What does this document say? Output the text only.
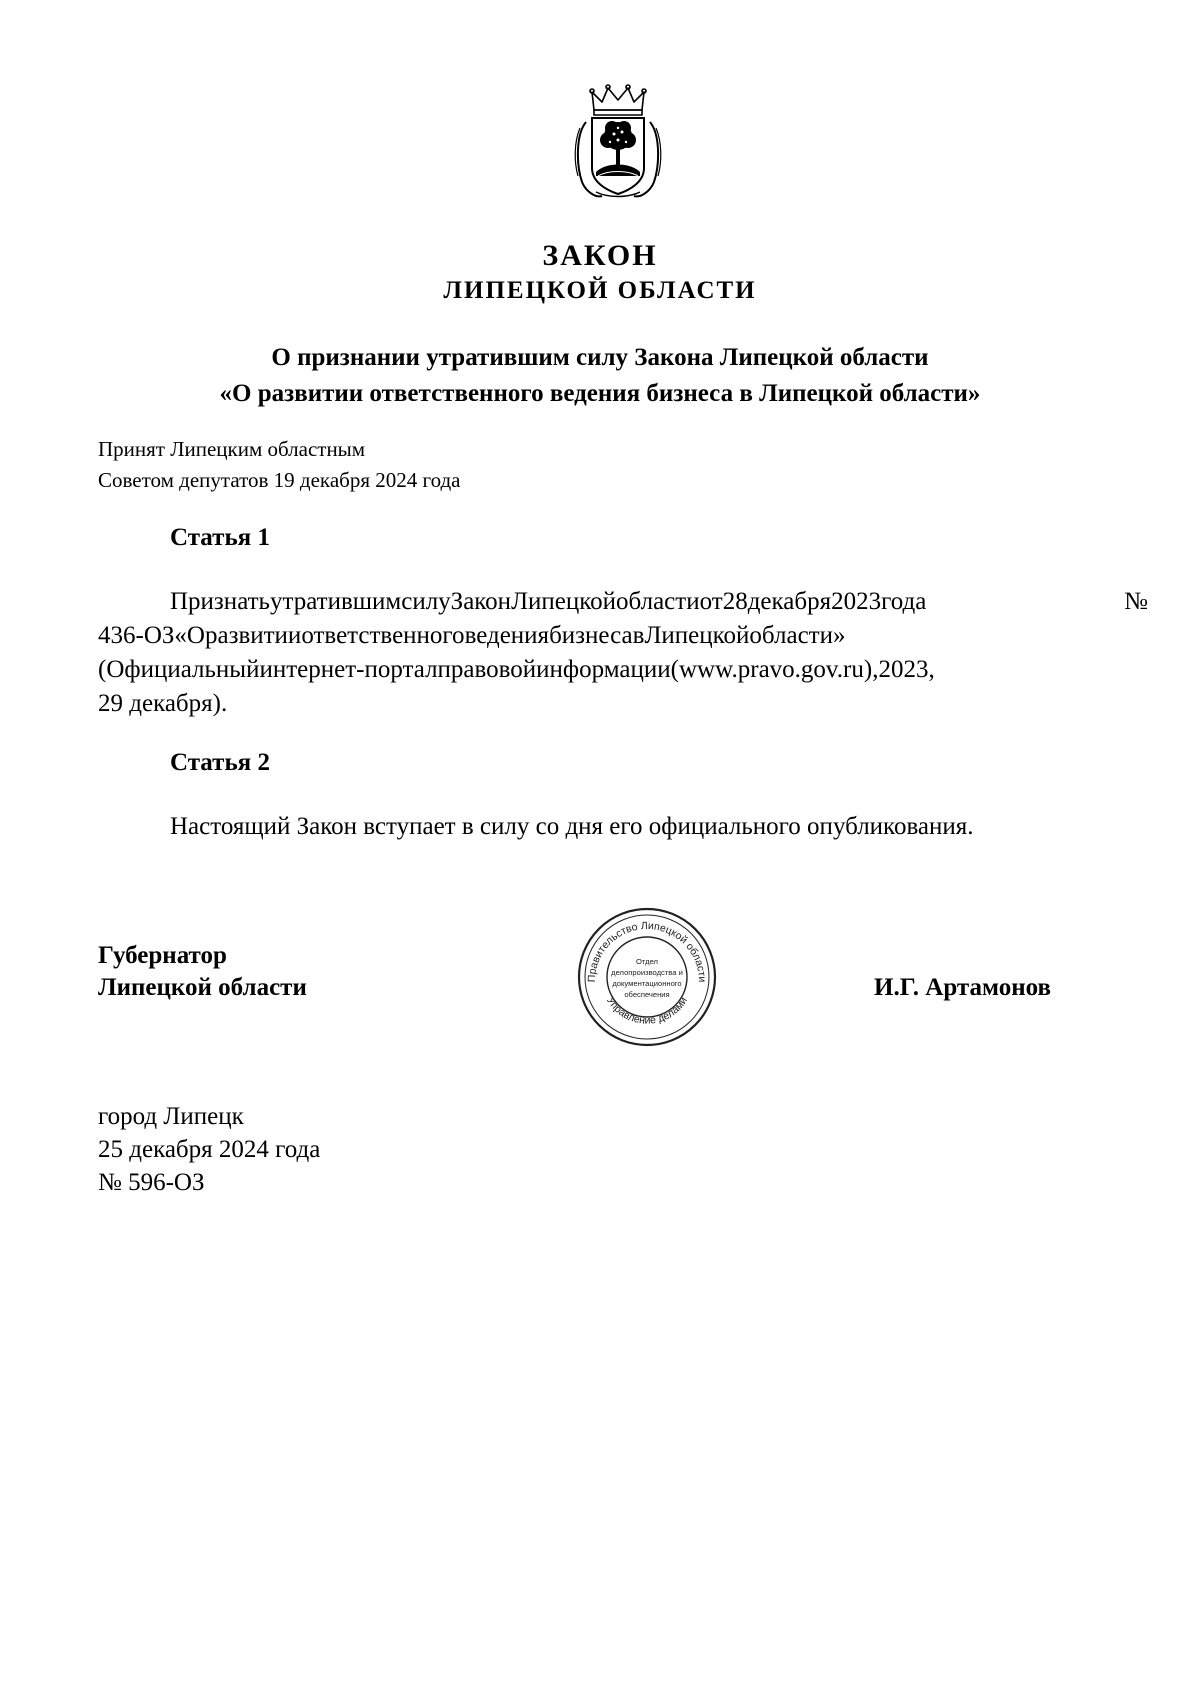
ЗАКОН
ЛИПЕЦКОЙ ОБЛАСТИ
О признании утратившим силу Закона Липецкой области
«О развитии ответственного ведения бизнеса в Липецкой области»
Принят Липецким областным
Советом депутатов 19 декабря 2024 года
Статья 1
ПризнатьутратившимсилуЗаконЛипецкойобластиот28декабря2023года№
436-ОЗ«ОразвитииответственноговедениябизнесавЛипецкойобласти»
(Официальныйинтернет-порталправовойинформации(www.pravo.gov.ru),2023,
29 декабря).
Статья 2
Настоящий Закон вступает в силу со дня его официального опубликования.
Губернатор
Липецкой области	Правительство Липецкой области
Управление делами
Отдел
делопроизводства и
документационного
обеспечения	И.Г. Артамонов
город Липецк
25 декабря 2024 года
№ 596-ОЗ
